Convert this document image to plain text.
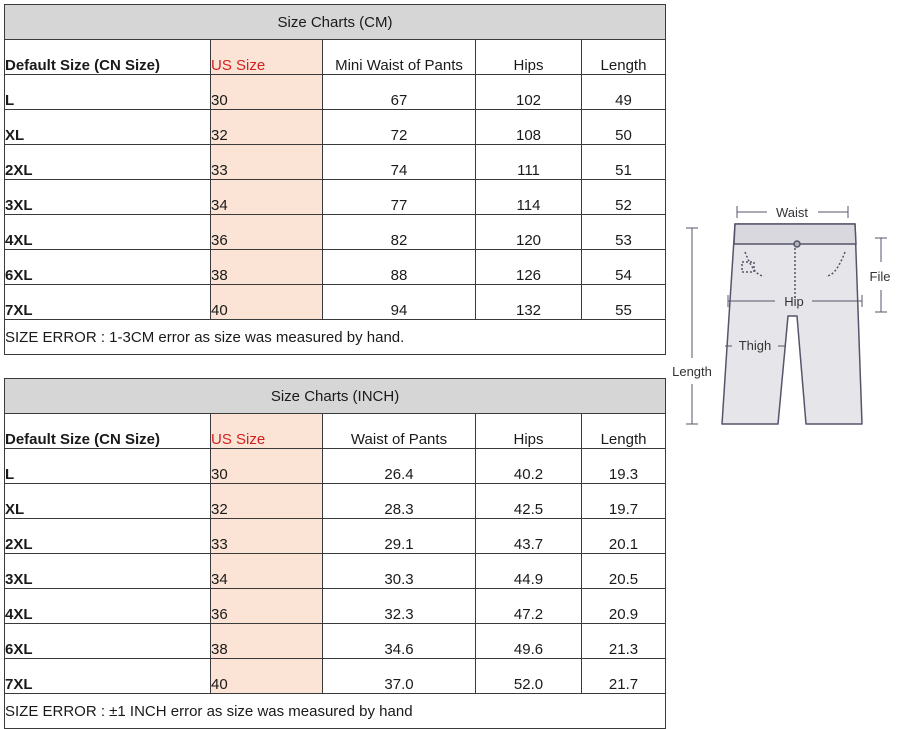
Size Charts (CM)				
Default Size (CN Size)	US Size	Mini Waist of Pants	Hips	Length
L	30	67	102	49
XL	32	72	108	50
2XL	33	74	111	51
3XL	34	77	114	52
4XL	36	82	120	53
6XL	38	88	126	54
7XL	40	94	132	55
SIZE ERROR : 1-3CM error as size was measured by hand.				
Size Charts (INCH)				
Default Size (CN Size)	US Size	Waist of Pants	Hips	Length
L	30	26.4	40.2	19.3
XL	32	28.3	42.5	19.7
2XL	33	29.1	43.7	20.1
3XL	34	30.3	44.9	20.5
4XL	36	32.3	47.2	20.9
6XL	38	34.6	49.6	21.3
7XL	40	37.0	52.0	21.7
SIZE ERROR : ±1 INCH error as size was measured by hand				
Waist
File
Hip
Thigh
Length
